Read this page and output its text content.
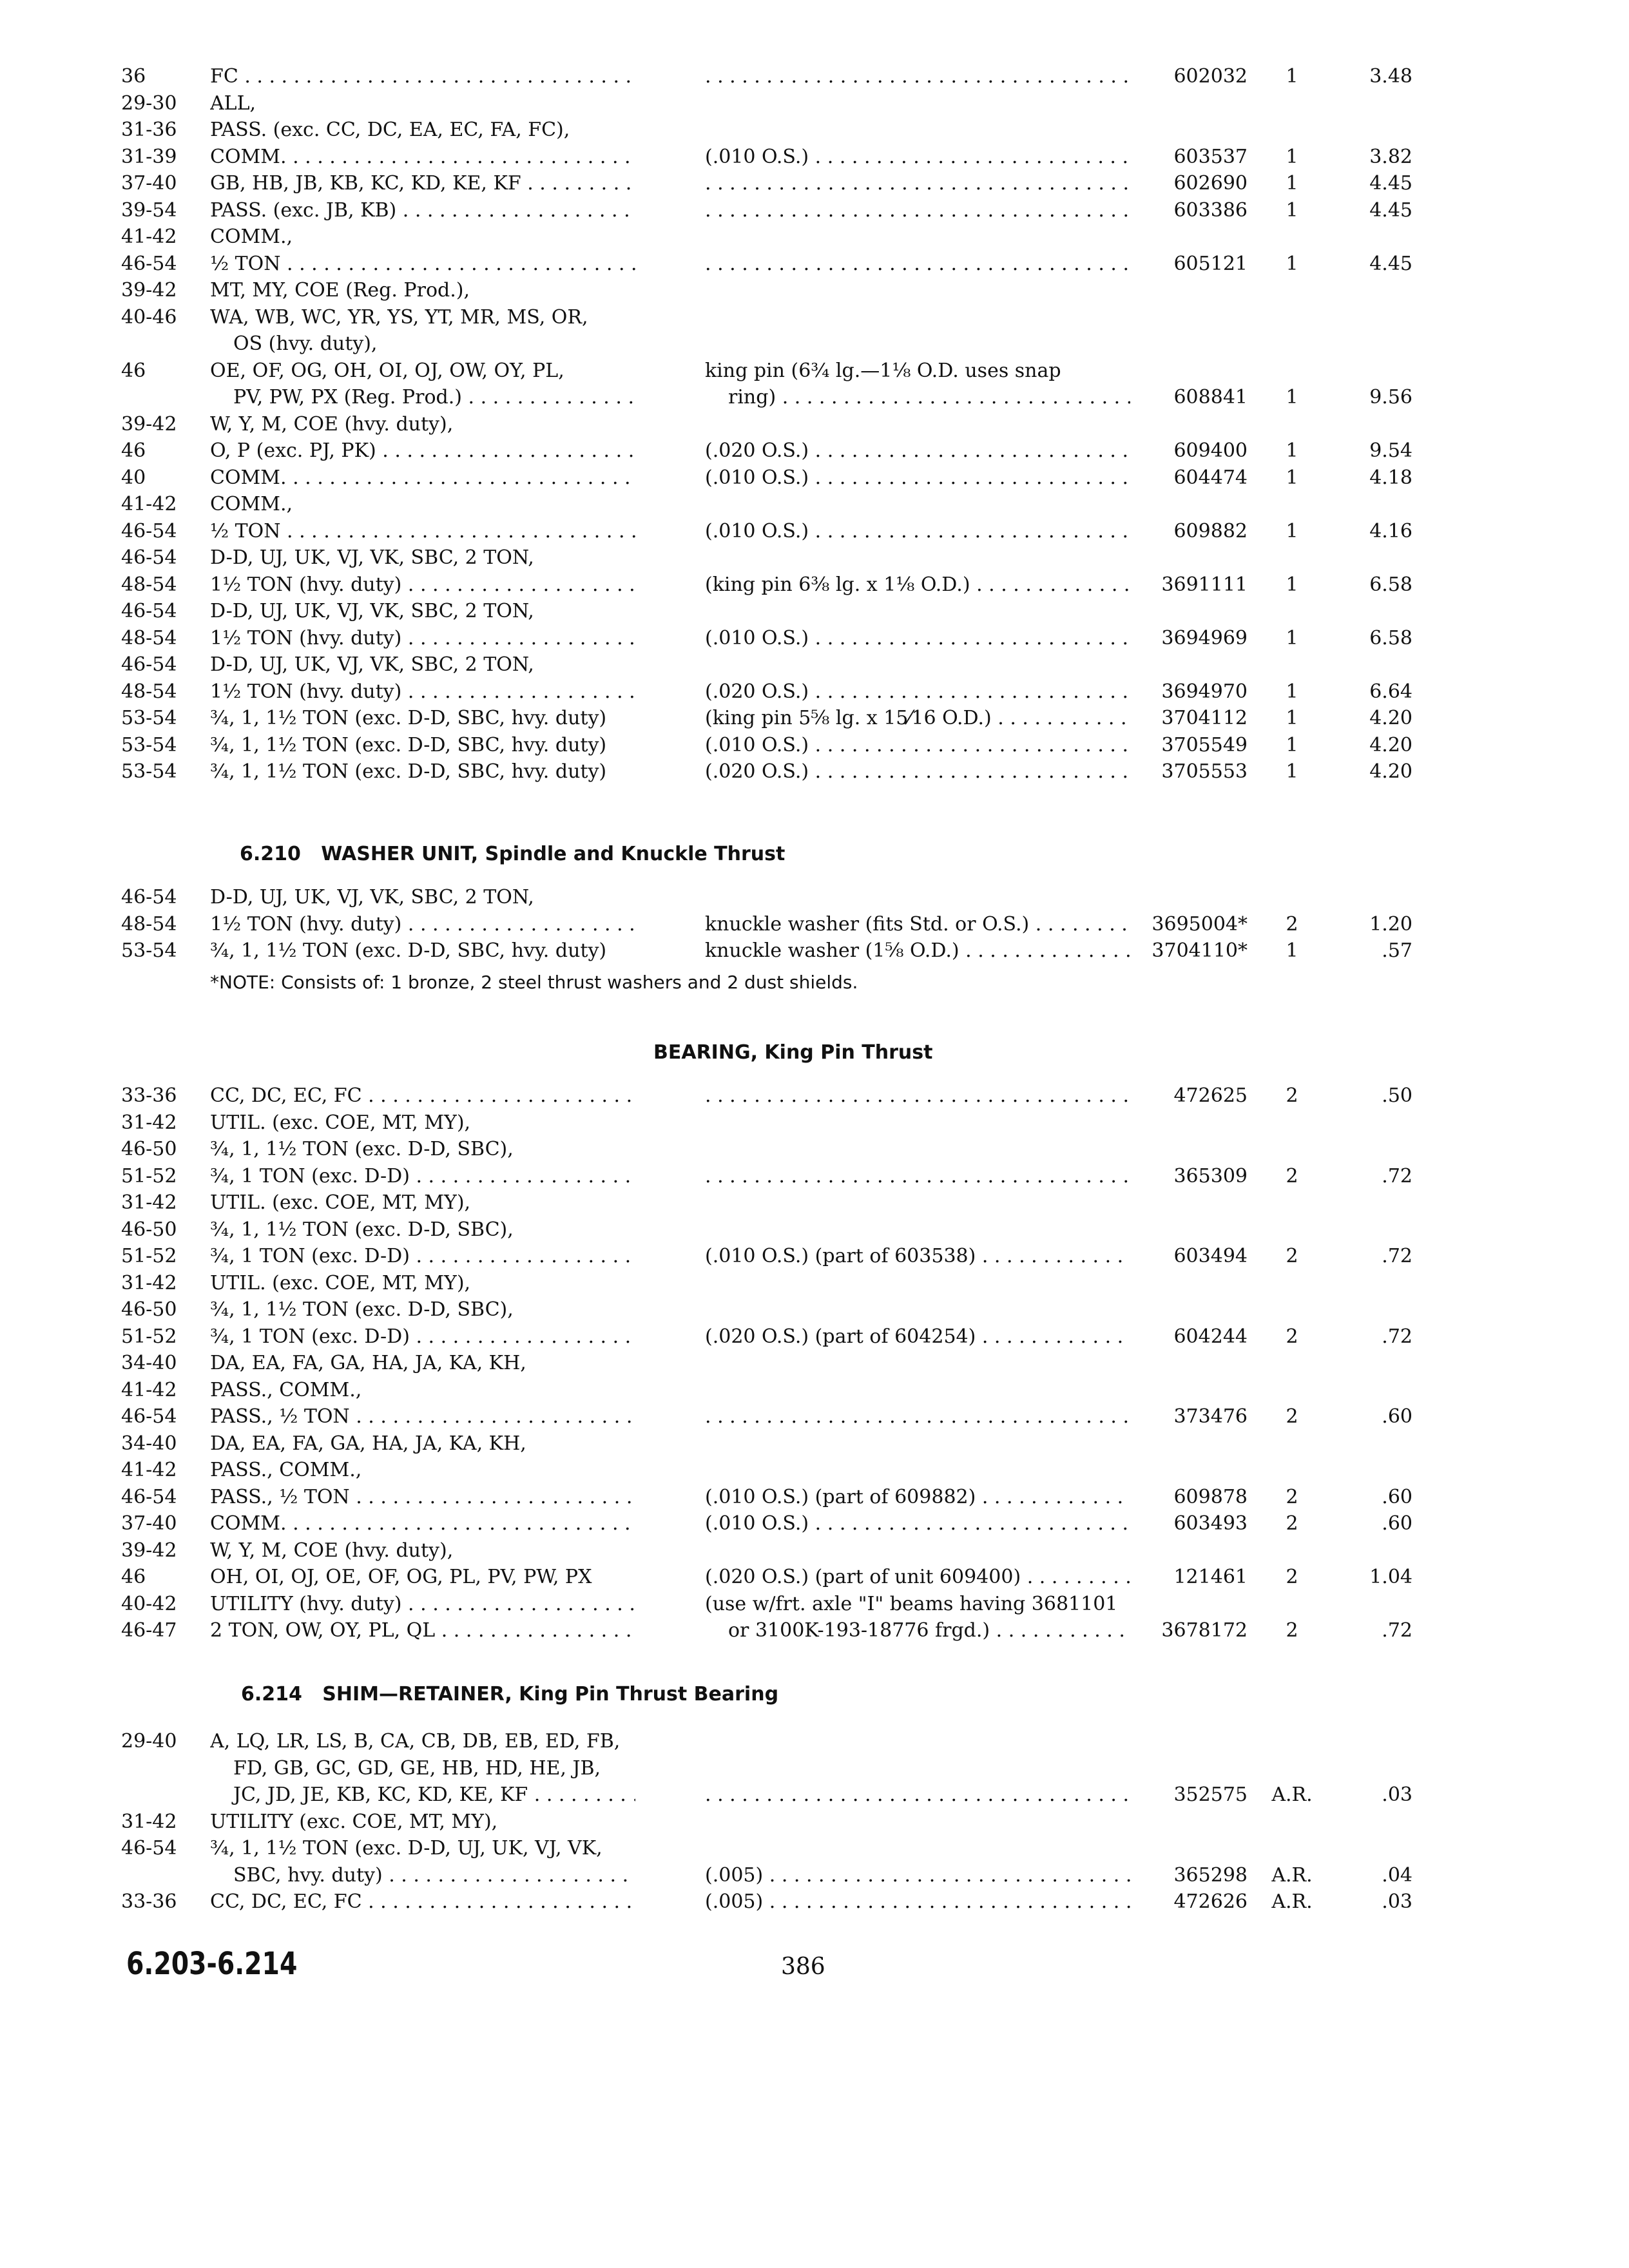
36	FC . . . . . .	602032	1	3.48
29-30	ALL,
31-36	PASS. (exc. CC, DC, EA, EC, FA, FC),
31-39	COMM. . . .	(.010 O.S.) . . .	603537	1	3.82
37-40	GB, HB, JB, KB, KC, KD, KE, KF . . . . . .	602690	1	4.45
39-54	PASS. (exc. JB, KB) . . . . . .	603386	1	4.45
41-42	COMM.,
46-54	½ TON . . . . . .	605121	1	4.45
39-42	MT, MY, COE (Reg. Prod.),
40-46	WA, WB, WC, YR, YS, YT, MR, MS, OR,
OS (hvy. duty),
46	OE, OF, OG, OH, OI, OJ, OW, OY, PL,	king pin (6¾ lg.—1⅛ O.D. uses snap
PV, PW, PX (Reg. Prod.) . . .	ring) . . .	608841	1	9.56
39-42	W, Y, M, COE (hvy. duty),
46	O, P (exc. PJ, PK) . . .	(.020 O.S.) . . .	609400	1	9.54
40	COMM. . . .	(.010 O.S.) . . .	604474	1	4.18
41-42	COMM.,
46-54	½ TON . . .	(.010 O.S.) . . .	609882	1	4.16
46-54	D-D, UJ, UK, VJ, VK, SBC, 2 TON,
48-54	1½ TON (hvy. duty) . . .	(king pin 6⅜ lg. x 1⅛ O.D.) . . .	3691111	1	6.58
46-54	D-D, UJ, UK, VJ, VK, SBC, 2 TON,
48-54	1½ TON (hvy. duty) . . .	(.010 O.S.) . . .	3694969	1	6.58
46-54	D-D, UJ, UK, VJ, VK, SBC, 2 TON,
48-54	1½ TON (hvy. duty) . . .	(.020 O.S.) . . .	3694970	1	6.64
53-54	¾, 1, 1½ TON (exc. D-D, SBC, hvy. duty)	(king pin 5⅝ lg. x 15⁄16 O.D.) . . .	3704112	1	4.20
53-54	¾, 1, 1½ TON (exc. D-D, SBC, hvy. duty)	(.010 O.S.) . . .	3705549	1	4.20
53-54	¾, 1, 1½ TON (exc. D-D, SBC, hvy. duty)	(.020 O.S.) . . .	3705553	1	4.20
6.210 WASHER UNIT, Spindle and Knuckle Thrust
46-54	D-D, UJ, UK, VJ, VK, SBC, 2 TON,
48-54	1½ TON (hvy. duty) . . .	knuckle washer (fits Std. or O.S.) . . .	3695004*	2	1.20
53-54	¾, 1, 1½ TON (exc. D-D, SBC, hvy. duty)	knuckle washer (1⅝ O.D.) . . .	3704110*	1	.57
*NOTE: Consists of: 1 bronze, 2 steel thrust washers and 2 dust shields.
BEARING, King Pin Thrust
33-36	CC, DC, EC, FC . . . . . .	472625	2	.50
31-42	UTIL. (exc. COE, MT, MY),
46-50	¾, 1, 1½ TON (exc. D-D, SBC),
51-52	¾, 1 TON (exc. D-D) . . . . . .	365309	2	.72
31-42	UTIL. (exc. COE, MT, MY),
46-50	¾, 1, 1½ TON (exc. D-D, SBC),
51-52	¾, 1 TON (exc. D-D) . . .	(.010 O.S.) (part of 603538) . . .	603494	2	.72
31-42	UTIL. (exc. COE, MT, MY),
46-50	¾, 1, 1½ TON (exc. D-D, SBC),
51-52	¾, 1 TON (exc. D-D) . . .	(.020 O.S.) (part of 604254) . . .	604244	2	.72
34-40	DA, EA, FA, GA, HA, JA, KA, KH,
41-42	PASS., COMM.,
46-54	PASS., ½ TON . . . . . .	373476	2	.60
34-40	DA, EA, FA, GA, HA, JA, KA, KH,
41-42	PASS., COMM.,
46-54	PASS., ½ TON . . .	(.010 O.S.) (part of 609882) . . .	609878	2	.60
37-40	COMM. . . .	(.010 O.S.) . . .	603493	2	.60
39-42	W, Y, M, COE (hvy. duty),
46	OH, OI, OJ, OE, OF, OG, PL, PV, PW, PX	(.020 O.S.) (part of unit 609400) . . .	121461	2	1.04
40-42	UTILITY (hvy. duty) . . .	(use w/frt. axle "I" beams having 3681101
46-47	2 TON, OW, OY, PL, QL . . .	or 3100K-193-18776 frgd.) . . .	3678172	2	.72
6.214 SHIM—RETAINER, King Pin Thrust Bearing
29-40	A, LQ, LR, LS, B, CA, CB, DB, EB, ED, FB,
FD, GB, GC, GD, GE, HB, HD, HE, JB,
JC, JD, JE, KB, KC, KD, KE, KF . . . . . .	352575	A.R.	.03
31-42	UTILITY (exc. COE, MT, MY),
46-54	¾, 1, 1½ TON (exc. D-D, UJ, UK, VJ, VK,
SBC, hvy. duty) . . .	(.005) . . .	365298	A.R.	.04
33-36	CC, DC, EC, FC . . .	(.005) . . .	472626	A.R.	.03
6.203-6.214	386
